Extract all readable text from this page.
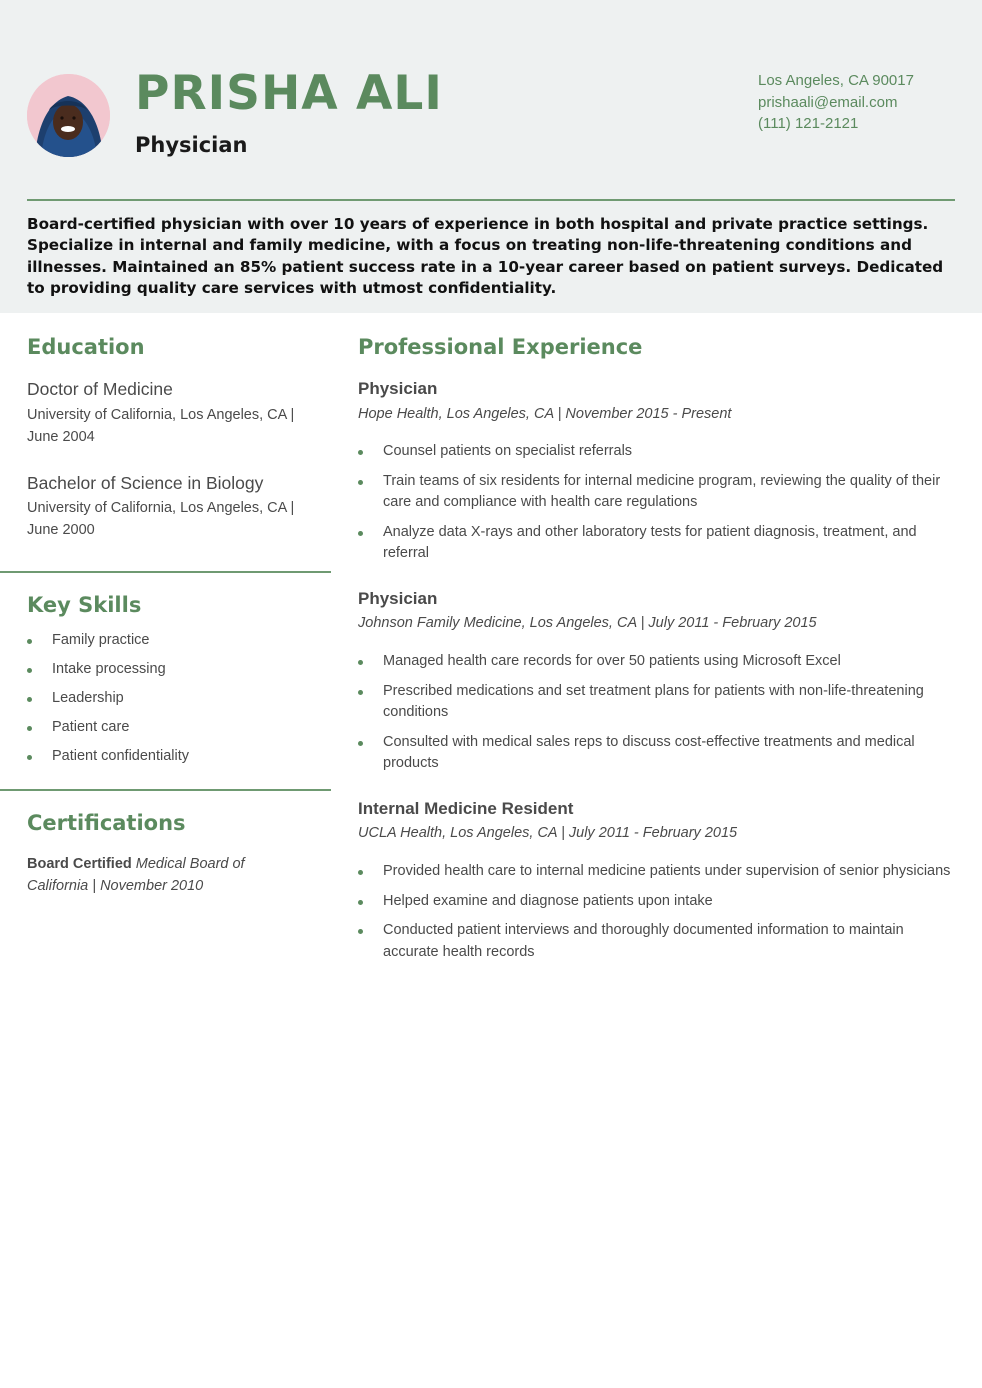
PRISHA ALI
Physician
Los Angeles, CA 90017
prishaali@email.com
(111) 121-2121
Board-certified physician with over 10 years of experience in both hospital and private practice settings. Specialize in internal and family medicine, with a focus on treating non-life-threatening conditions and illnesses. Maintained an 85% patient success rate in a 10-year career based on patient surveys. Dedicated to providing quality care services with utmost confidentiality.
Education
Doctor of Medicine
University of California, Los Angeles, CA | June 2004
Bachelor of Science in Biology
University of California, Los Angeles, CA | June 2000
Key Skills
Family practice
Intake processing
Leadership
Patient care
Patient confidentiality
Certifications
Board Certified Medical Board of California | November 2010
Professional Experience
Physician
Hope Health, Los Angeles, CA | November 2015 - Present
Counsel patients on specialist referrals
Train teams of six residents for internal medicine program, reviewing the quality of their care and compliance with health care regulations
Analyze data X-rays and other laboratory tests for patient diagnosis, treatment, and referral
Physician
Johnson Family Medicine, Los Angeles, CA | July 2011 - February 2015
Managed health care records for over 50 patients using Microsoft Excel
Prescribed medications and set treatment plans for patients with non-life-threatening conditions
Consulted with medical sales reps to discuss cost-effective treatments and medical products
Internal Medicine Resident
UCLA Health, Los Angeles, CA | July 2011 - February 2015
Provided health care to internal medicine patients under supervision of senior physicians
Helped examine and diagnose patients upon intake
Conducted patient interviews and thoroughly documented information to maintain accurate health records
